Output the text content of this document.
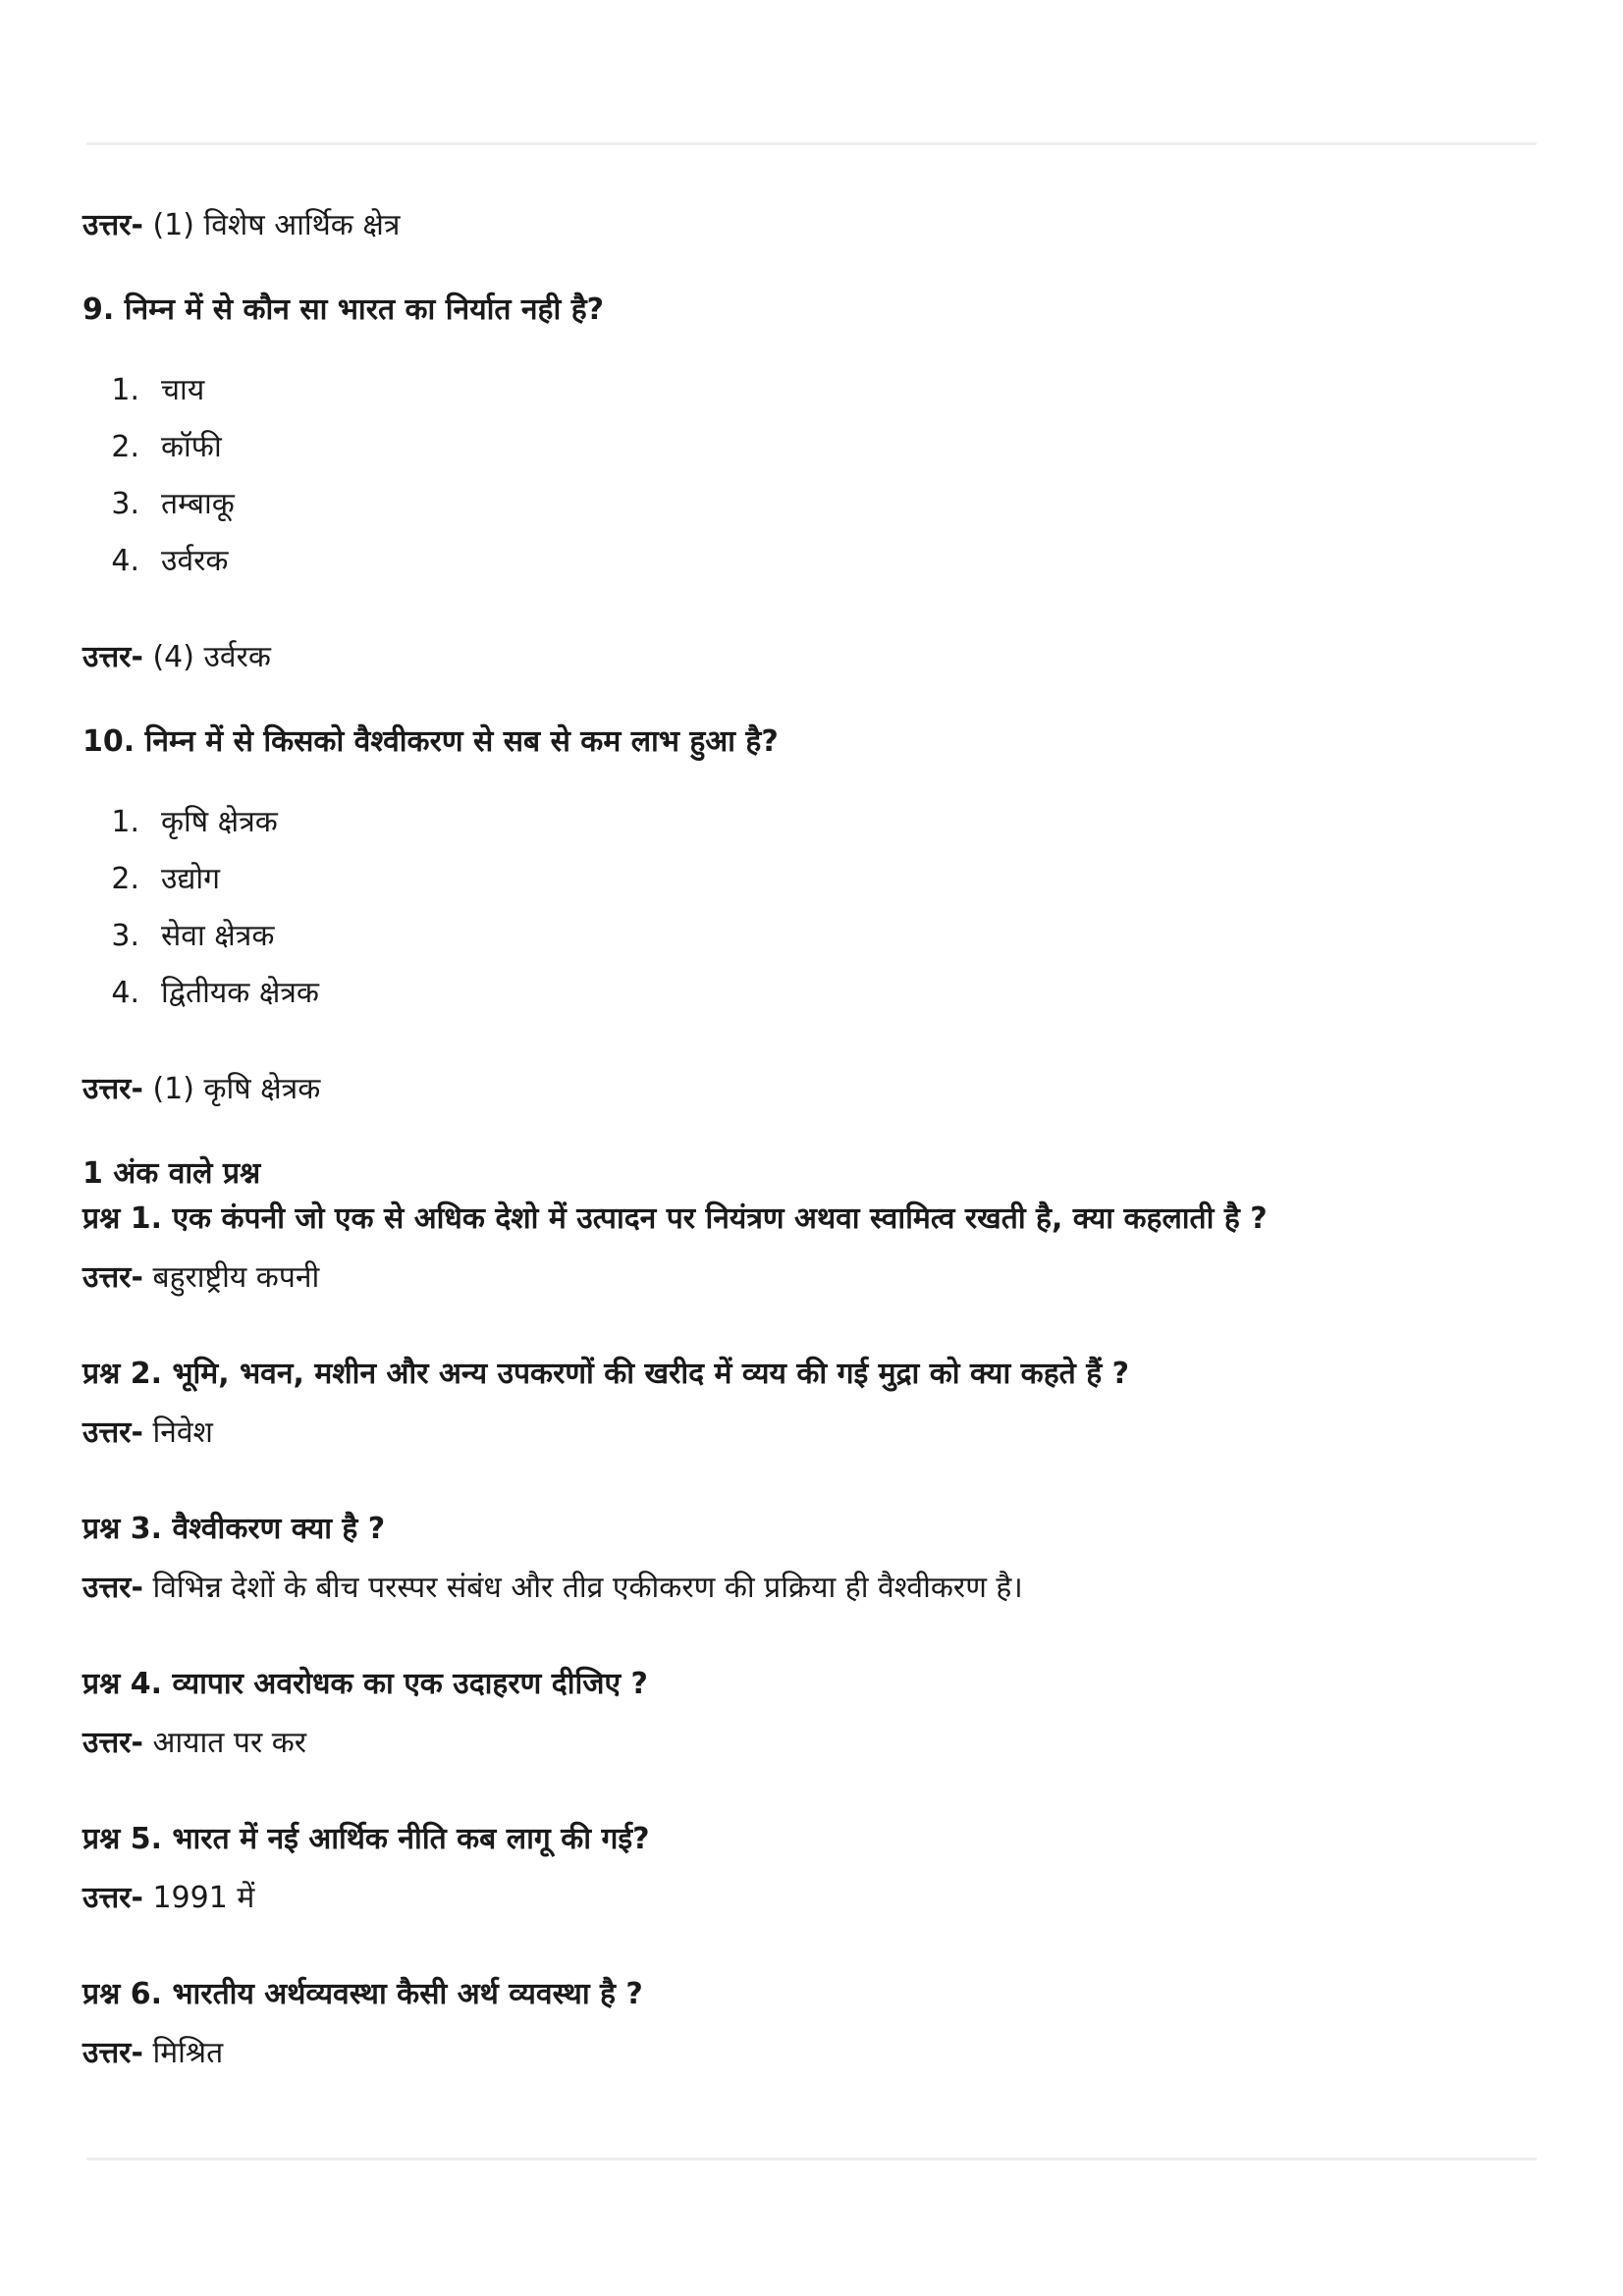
उत्तर- (1) विशेष आर्थिक क्षेत्र

9. निम्न में से कौन सा भारत का निर्यात नही है?

1. चाय
2. कॉफी
3. तम्बाकू
4. उर्वरक

उत्तर- (4) उर्वरक

10. निम्न में से किसको वैश्वीकरण से सब से कम लाभ हुआ है?

1. कृषि क्षेत्रक
2. उद्योग
3. सेवा क्षेत्रक
4. द्वितीयक क्षेत्रक

उत्तर- (1) कृषि क्षेत्रक

1 अंक वाले प्रश्न

प्रश्न 1. एक कंपनी जो एक से अधिक देशो में उत्पादन पर नियंत्रण अथवा स्वामित्व रखती है, क्या कहलाती है ?

उत्तर- बहुराष्ट्रीय कपनी

प्रश्न 2. भूमि, भवन, मशीन और अन्य उपकरणों की खरीद में व्यय की गई मुद्रा को क्या कहते हैं ?

उत्तर- निवेश

प्रश्न 3. वैश्वीकरण क्या है ?

उत्तर- विभिन्न देशों के बीच परस्पर संबंध और तीव्र एकीकरण की प्रक्रिया ही वैश्वीकरण है।

प्रश्न 4. व्यापार अवरोधक का एक उदाहरण दीजिए ?

उत्तर- आयात पर कर

प्रश्न 5. भारत में नई आर्थिक नीति कब लागू की गई?

उत्तर- 1991 में

प्रश्न 6. भारतीय अर्थव्यवस्था कैसी अर्थ व्यवस्था है ?

उत्तर- मिश्रित
